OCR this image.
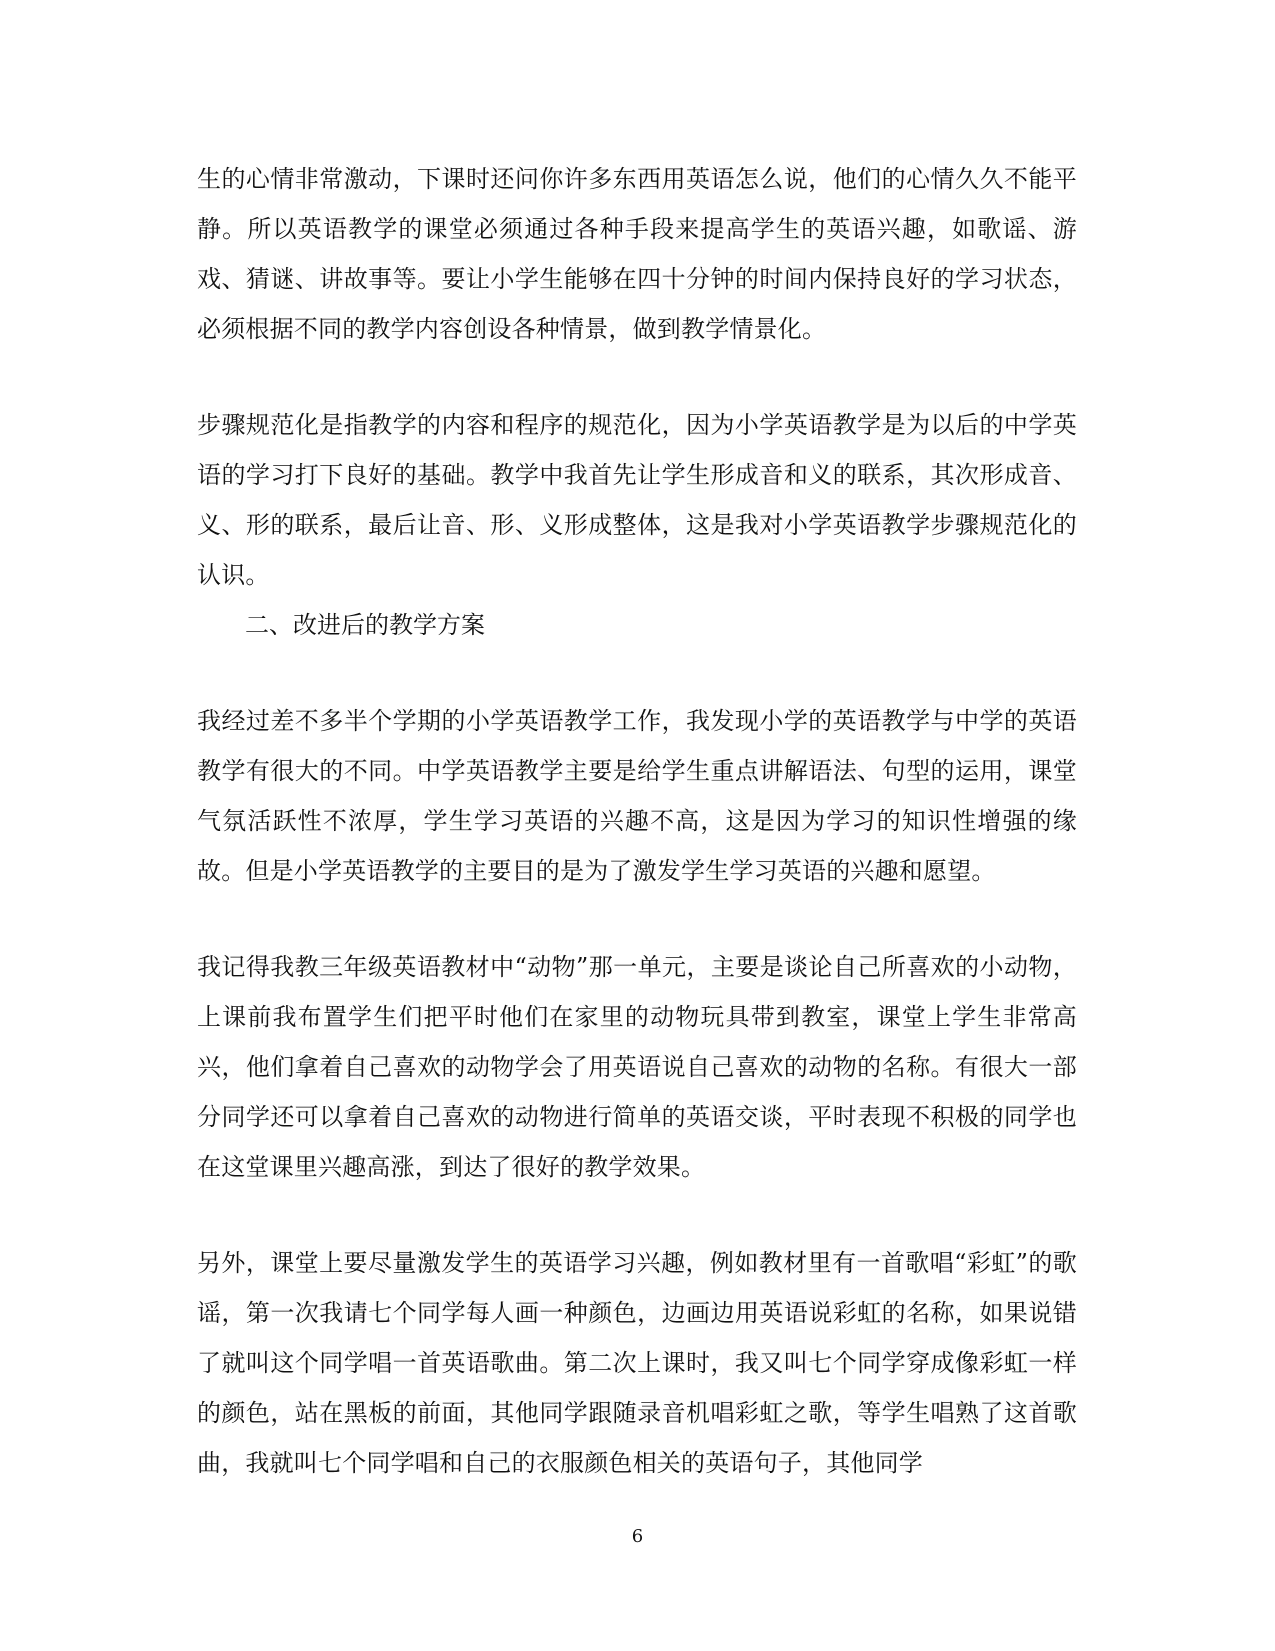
生的心情非常激动，下课时还问你许多东西用英语怎么说，他们的心情久久不能平静。所以英语教学的课堂必须通过各种手段来提高学生的英语兴趣，如歌谣、游戏、猜谜、讲故事等。要让小学生能够在四十分钟的时间内保持良好的学习状态，必须根据不同的教学内容创设各种情景，做到教学情景化。

步骤规范化是指教学的内容和程序的规范化，因为小学英语教学是为以后的中学英语的学习打下良好的基础。教学中我首先让学生形成音和义的联系，其次形成音、义、形的联系，最后让音、形、义形成整体，这是我对小学英语教学步骤规范化的认识。

二、改进后的教学方案

我经过差不多半个学期的小学英语教学工作，我发现小学的英语教学与中学的英语教学有很大的不同。中学英语教学主要是给学生重点讲解语法、句型的运用，课堂气氛活跃性不浓厚，学生学习英语的兴趣不高，这是因为学习的知识性增强的缘故。但是小学英语教学的主要目的是为了激发学生学习英语的兴趣和愿望。

我记得我教三年级英语教材中“动物”那一单元，主要是谈论自己所喜欢的小动物，上课前我布置学生们把平时他们在家里的动物玩具带到教室，课堂上学生非常高兴，他们拿着自己喜欢的动物学会了用英语说自己喜欢的动物的名称。有很大一部分同学还可以拿着自己喜欢的动物进行简单的英语交谈，平时表现不积极的同学也在这堂课里兴趣高涨，到达了很好的教学效果。

另外，课堂上要尽量激发学生的英语学习兴趣，例如教材里有一首歌唱“彩虹”的歌谣，第一次我请七个同学每人画一种颜色，边画边用英语说彩虹的名称，如果说错了就叫这个同学唱一首英语歌曲。第二次上课时，我又叫七个同学穿成像彩虹一样的颜色，站在黑板的前面，其他同学跟随录音机唱彩虹之歌，等学生唱熟了这首歌曲，我就叫七个同学唱和自己的衣服颜色相关的英语句子，其他同学

6
